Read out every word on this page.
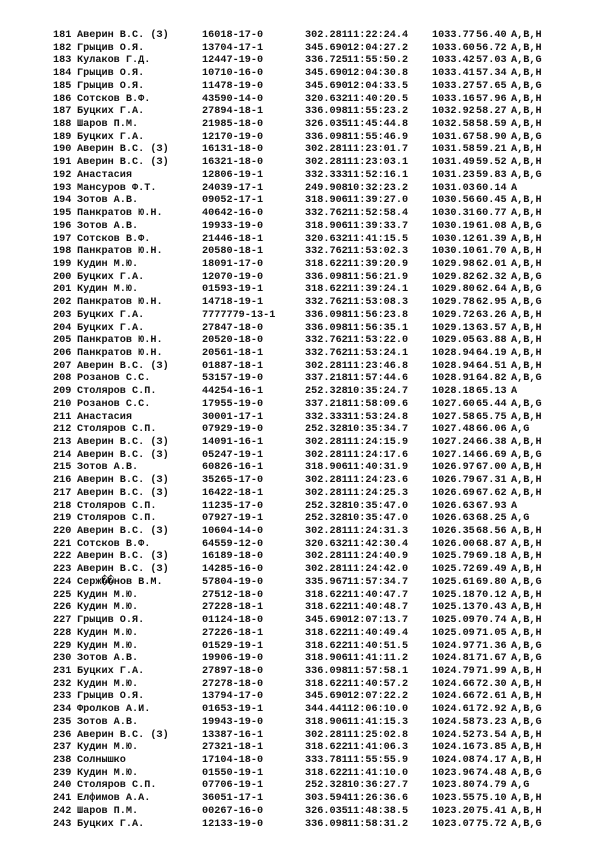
181 Аверин В.С. (З)	16018-17-0	302.281 11:22:24.4 1033.77 56.40 A,B,H
182 Грыцив О.Я.	13704-17-1	345.690 12:04:27.2 1033.60 56.72 A,B,H
183 Кулаков Г.Д.	12447-19-0	336.725 11:55:50.2 1033.42 57.03 A,B,G
184 Грыцив О.Я.	10710-16-0	345.690 12:04:30.8 1033.41 57.34 A,B,H
185 Грыцив О.Я.	11478-19-0	345.690 12:04:33.5 1033.27 57.65 A,B,G
186 Сотсков В.Ф.	43590-14-0	320.632 11:40:20.5 1033.16 57.96 A,B,H
187 Буцких Г.А.	27894-18-1	336.098 11:55:23.2 1032.92 58.27 A,B,H
188 Шаров П.М.	21985-18-0	326.035 11:45:44.8 1032.58 58.59 A,B,H
189 Буцких Г.А.	12170-19-0	336.098 11:55:46.9 1031.67 58.90 A,B,G
190 Аверин В.С. (З)	16131-18-0	302.281 11:23:01.7 1031.58 59.21 A,B,H
191 Аверин В.С. (З)	16321-18-0	302.281 11:23:03.1 1031.49 59.52 A,B,H
192 Анастасия	12806-19-1	332.333 11:52:16.1 1031.23 59.83 A,B,G
193 Мансуров Ф.Т.	24039-17-1	249.908 10:32:23.2 1031.03 60.14 A
194 Зотов А.В.	09052-17-1	318.906 11:39:27.0 1030.56 60.45 A,B,H
195 Панкратов Ю.Н.	40642-16-0	332.762 11:52:58.4 1030.31 60.77 A,B,H
196 Зотов А.В.	19933-19-0	318.906 11:39:33.7 1030.19 61.08 A,B,G
197 Сотсков В.Ф.	21446-18-1	320.632 11:41:15.5 1030.12 61.39 A,B,H
198 Панкратов Ю.Н.	20580-18-1	332.762 11:53:02.3 1030.10 61.70 A,B,H
199 Кудин М.Ю.	18091-17-0	318.622 11:39:20.9 1029.98 62.01 A,B,H
200 Буцких Г.А.	12070-19-0	336.098 11:56:21.9 1029.82 62.32 A,B,G
201 Кудин М.Ю.	01593-19-1	318.622 11:39:24.1 1029.80 62.64 A,B,G
202 Панкратов Ю.Н.	14718-19-1	332.762 11:53:08.3 1029.78 62.95 A,B,G
203 Буцких Г.А.	7777779-13-1	336.098 11:56:23.8 1029.72 63.26 A,B,H
204 Буцких Г.А.	27847-18-0	336.098 11:56:35.1 1029.13 63.57 A,B,H
205 Панкратов Ю.Н.	20520-18-0	332.762 11:53:22.0 1029.05 63.88 A,B,H
206 Панкратов Ю.Н.	20561-18-1	332.762 11:53:24.1 1028.94 64.19 A,B,H
207 Аверин В.С. (З)	01887-18-1	302.281 11:23:46.8 1028.94 64.51 A,B,H
208 Розанов С.С.	53157-19-0	337.218 11:57:44.6 1028.91 64.82 A,B,G
209 Столяров С.П.	44254-16-1	252.328 10:35:24.7 1028.18 65.13 A
210 Розанов С.С.	17955-19-0	337.218 11:58:09.6 1027.60 65.44 A,B,G
211 Анастасия	30001-17-1	332.333 11:53:24.8 1027.58 65.75 A,B,H
212 Столяров С.П.	07929-19-0	252.328 10:35:34.7 1027.48 66.06 A,G
213 Аверин В.С. (З)	14091-16-1	302.281 11:24:15.9 1027.24 66.38 A,B,H
214 Аверин В.С. (З)	05247-19-1	302.281 11:24:17.6 1027.14 66.69 A,B,G
215 Зотов А.В.	60826-16-1	318.906 11:40:31.9 1026.97 67.00 A,B,H
216 Аверин В.С. (З)	35265-17-0	302.281 11:24:23.6 1026.79 67.31 A,B,H
217 Аверин В.С. (З)	16422-18-1	302.281 11:24:25.3 1026.69 67.62 A,B,H
218 Столяров С.П.	11235-17-0	252.328 10:35:47.0 1026.63 67.93 A
219 Столяров С.П.	07927-19-1	252.328 10:35:47.0 1026.63 68.25 A,G
220 Аверин В.С. (З)	10604-14-0	302.281 11:24:31.3 1026.35 68.56 A,B,H
221 Сотсков В.Ф.	64559-12-0	320.632 11:42:30.4 1026.00 68.87 A,B,H
222 Аверин В.С. (З)	16189-18-0	302.281 11:24:40.9 1025.79 69.18 A,B,H
223 Аверин В.С. (З)	14285-16-0	302.281 11:24:42.0 1025.72 69.49 A,B,H
224 Серж��нов В.М.	57804-19-0	335.967 11:57:34.7 1025.61 69.80 A,B,G
225 Кудин М.Ю.	27512-18-0	318.622 11:40:47.7 1025.18 70.12 A,B,H
226 Кудин М.Ю.	27228-18-1	318.622 11:40:48.7 1025.13 70.43 A,B,H
227 Грыцив О.Я.	01124-18-0	345.690 12:07:13.7 1025.09 70.74 A,B,H
228 Кудин М.Ю.	27226-18-1	318.622 11:40:49.4 1025.09 71.05 A,B,H
229 Кудин М.Ю.	01529-19-1	318.622 11:40:51.5 1024.97 71.36 A,B,G
230 Зотов А.В.	19906-19-0	318.906 11:41:11.2 1024.81 71.67 A,B,G
231 Буцких Г.А.	27897-18-0	336.098 11:57:58.1 1024.79 71.99 A,B,H
232 Кудин М.Ю.	27278-18-0	318.622 11:40:57.2 1024.66 72.30 A,B,H
233 Грыцив О.Я.	13794-17-0	345.690 12:07:22.2 1024.66 72.61 A,B,H
234 Фролков А.И.	01653-19-1	344.441 12:06:10.0 1024.61 72.92 A,B,G
235 Зотов А.В.	19943-19-0	318.906 11:41:15.3 1024.58 73.23 A,B,G
236 Аверин В.С. (З)	13387-16-1	302.281 11:25:02.8 1024.52 73.54 A,B,H
237 Кудин М.Ю.	27321-18-1	318.622 11:41:06.3 1024.16 73.85 A,B,H
238 Солнышко	17104-18-0	333.781 11:55:55.9 1024.08 74.17 A,B,H
239 Кудин М.Ю.	01550-19-1	318.622 11:41:10.0 1023.96 74.48 A,B,G
240 Столяров С.П.	07706-19-1	252.328 10:36:27.7 1023.80 74.79 A,G
241 Елфимов А.А.	36051-17-1	303.594 11:26:36.6 1023.55 75.10 A,B,H
242 Шаров П.М.	00267-16-0	326.035 11:48:38.5 1023.20 75.41 A,B,H
243 Буцких Г.А.	12133-19-0	336.098 11:58:31.2 1023.07 75.72 A,B,G
